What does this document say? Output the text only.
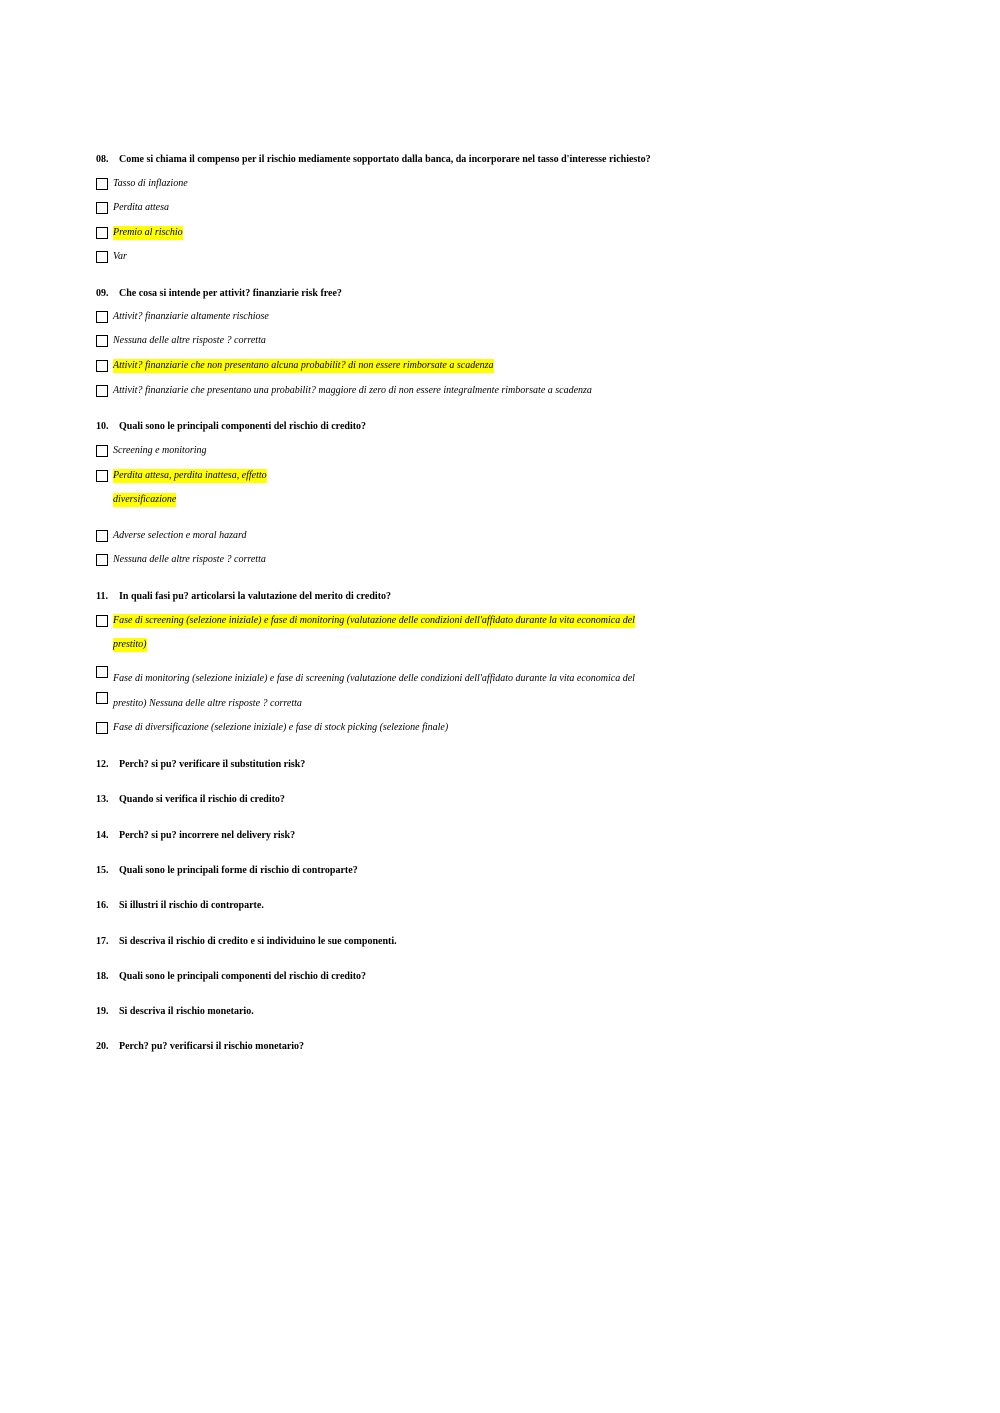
08. Come si chiama il compenso per il rischio mediamente sopportato dalla banca, da incorporare nel tasso d'interesse richiesto?
Tasso di inflazione
Perdita attesa
Premio al rischio
Var
09. Che cosa si intende per attivit? finanziarie risk free?
Attivit? finanziarie altamente rischiose
Nessuna delle altre risposte ? corretta
Attivit? finanziarie che non presentano alcuna probabilit? di non essere rimborsate a scadenza
Attivit? finanziarie che presentano una probabilit? maggiore di zero di non essere integralmente rimborsate a scadenza
10. Quali sono le principali componenti del rischio di credito?
Screening e monitoring
Perdita attesa, perdita inattesa, effetto
diversificazione
Adverse selection e moral hazard
Nessuna delle altre risposte ? corretta
11. In quali fasi pu? articolarsi la valutazione del merito di credito?
Fase di screening (selezione iniziale) e fase di monitoring (valutazione delle condizioni dell'affidato durante la vita economica del
prestito)
Fase di monitoring (selezione iniziale) e fase di screening (valutazione delle condizioni dell'affidato durante la vita economica del
prestito) Nessuna delle altre risposte ? corretta
Fase di diversificazione (selezione iniziale) e fase di stock picking (selezione finale)
12. Perch? si pu? verificare il substitution risk?
13. Quando si verifica il rischio di credito?
14. Perch? si pu? incorrere nel delivery risk?
15. Quali sono le principali forme di rischio di controparte?
16. Si illustri il rischio di controparte.
17. Si descriva il rischio di credito e si individuino le sue componenti.
18. Quali sono le principali componenti del rischio di credito?
19. Si descriva il rischio monetario.
20. Perch? pu? verificarsi il rischio monetario?
